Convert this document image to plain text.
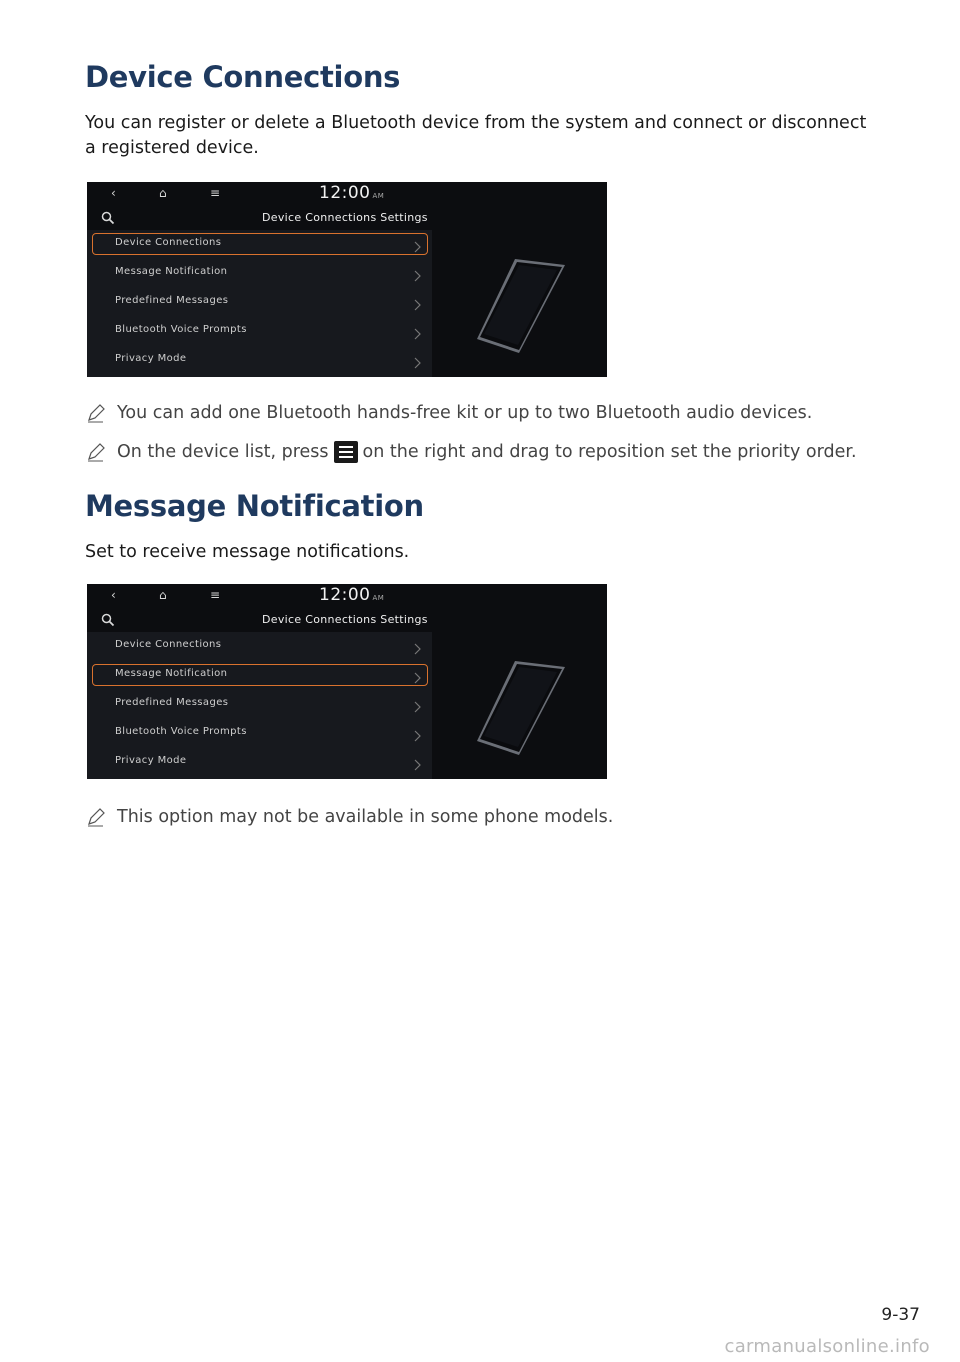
Device Connections

You can register or delete a Bluetooth device from the system and connect or disconnect a registered device.

‹	⌂	≡	12:00 AM
Device Connections Settings
Device Connections
Message Notification
Predefined Messages
Bluetooth Voice Prompts
Privacy Mode
You can add one Bluetooth hands-free kit or up to two Bluetooth audio devices.
On the device list, press on the right and drag to reposition set the priority order.
Message Notification

Set to receive message notifications.

‹	⌂	≡	12:00 AM
Device Connections Settings
Device Connections
Message Notification
Predefined Messages
Bluetooth Voice Prompts
Privacy Mode
This option may not be available in some phone models.
9-37
carmanualsonline.info
